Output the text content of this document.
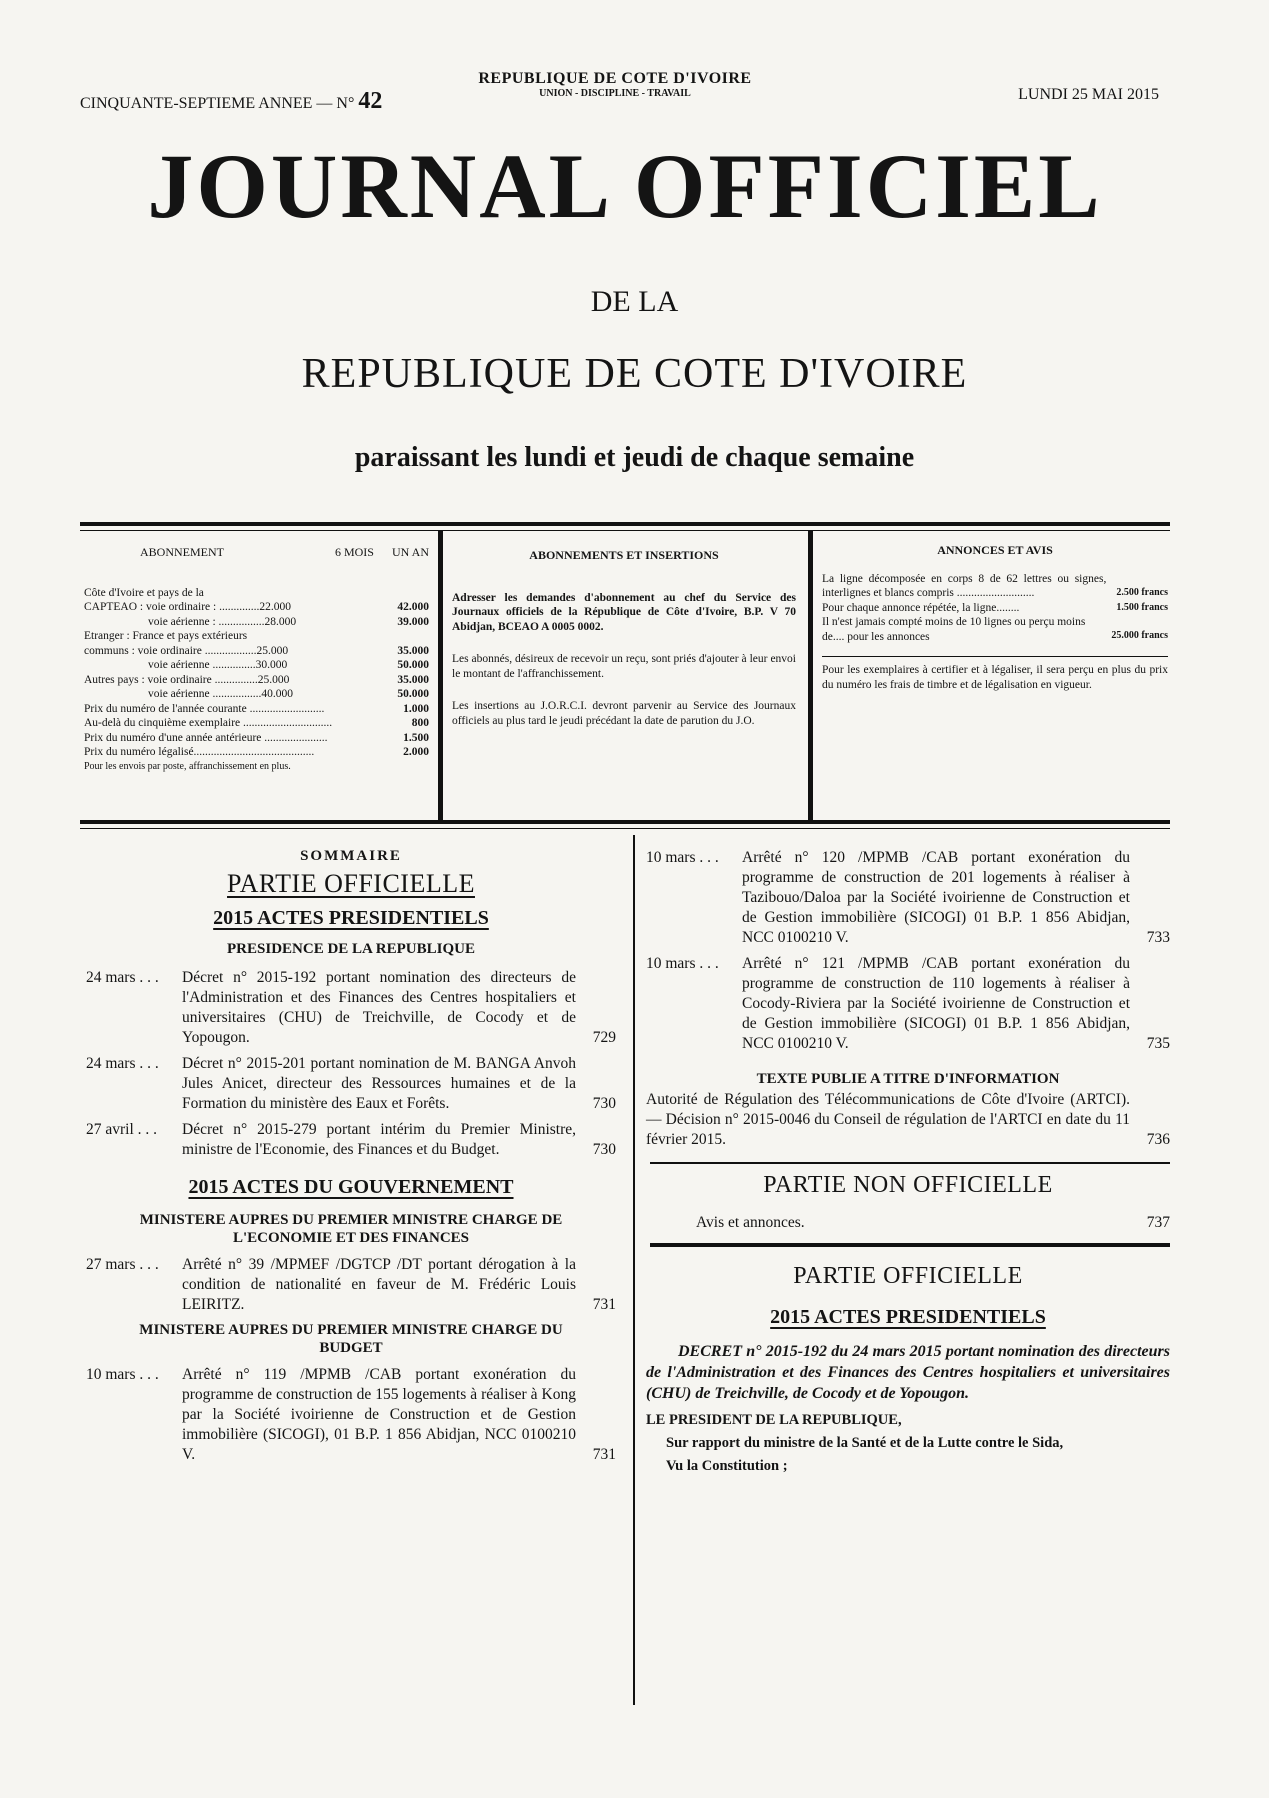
CINQUANTE-SEPTIEME ANNEE — N° 42
REPUBLIQUE DE COTE D'IVOIRE
UNION - DISCIPLINE - TRAVAIL	LUNDI 25 MAI 2015
JOURNAL OFFICIEL
DE LA
REPUBLIQUE DE COTE D'IVOIRE
paraissant les lundi et jeudi de chaque semaine
ABONNEMENT	6 MOIS UN AN
Côte d'Ivoire et pays de la
CAPTEAO : voie ordinaire : ..............22.000	42.000
voie aérienne : ................28.000	39.000
Etranger : France et pays extérieurs
communs : voie ordinaire ..................25.000	35.000
voie aérienne ...............30.000	50.000
Autres pays : voie ordinaire ...............25.000	35.000
voie aérienne .................40.000	50.000
Prix du numéro de l'année courante ..........................	1.000
Au-delà du cinquième exemplaire ...............................	800
Prix du numéro d'une année antérieure ......................	1.500
Prix du numéro légalisé..........................................	2.000
Pour les envois par poste, affranchissement en plus.
ABONNEMENTS ET INSERTIONS
Adresser les demandes d'abonnement au chef du Service des Journaux officiels de la République de Côte d'Ivoire, B.P. V 70 Abidjan, BCEAO A 0005 0002.
Les abonnés, désireux de recevoir un reçu, sont priés d'ajouter à leur envoi le montant de l'affranchissement.
Les insertions au J.O.R.C.I. devront parvenir au Service des Journaux officiels au plus tard le jeudi précédant la date de parution du J.O.
ANNONCES ET AVIS
La ligne décomposée en corps 8 de 62 lettres ou signes, interlignes et blancs compris ...........................	2.500 francs
Pour chaque annonce répétée, la ligne........	1.500 francs
Il n'est jamais compté moins de 10 lignes ou perçu moins de.... pour les annonces	25.000 francs
Pour les exemplaires à certifier et à légaliser, il sera perçu en plus du prix du numéro les frais de timbre et de légalisation en vigueur.
SOMMAIRE
PARTIE OFFICIELLE
2015 ACTES PRESIDENTIELS
PRESIDENCE DE LA REPUBLIQUE
24 mars . . .	Décret n° 2015-192 portant nomination des directeurs de l'Administration et des Finances des Centres hospitaliers et universitaires (CHU) de Treichville, de Cocody et de Yopougon.	729
24 mars . . .	Décret n° 2015-201 portant nomination de M. BANGA Anvoh Jules Anicet, directeur des Ressources humaines et de la Formation du ministère des Eaux et Forêts.	730
27 avril . . .	Décret n° 2015-279 portant intérim du Premier Ministre, ministre de l'Economie, des Finances et du Budget.	730
2015 ACTES DU GOUVERNEMENT
MINISTERE AUPRES DU PREMIER MINISTRE CHARGE DE L'ECONOMIE ET DES FINANCES
27 mars . . .	Arrêté n° 39 /MPMEF /DGTCP /DT portant dérogation à la condition de nationalité en faveur de M. Frédéric Louis LEIRITZ.	731
MINISTERE AUPRES DU PREMIER MINISTRE CHARGE DU BUDGET
10 mars . . .	Arrêté n° 119 /MPMB /CAB portant exonération du programme de construction de 155 logements à réaliser à Kong par la Société ivoirienne de Construction et de Gestion immobilière (SICOGI), 01 B.P. 1 856 Abidjan, NCC 0100210 V.	731
10 mars . . .	Arrêté n° 120 /MPMB /CAB portant exonération du programme de construction de 201 logements à réaliser à Tazibouo/Daloa par la Société ivoirienne de Construction et de Gestion immobilière (SICOGI) 01 B.P. 1 856 Abidjan, NCC 0100210 V.	733
10 mars . . .	Arrêté n° 121 /MPMB /CAB portant exonération du programme de construction de 110 logements à réaliser à Cocody-Riviera par la Société ivoirienne de Construction et de Gestion immobilière (SICOGI) 01 B.P. 1 856 Abidjan, NCC 0100210 V.	735
TEXTE PUBLIE A TITRE D'INFORMATION
Autorité de Régulation des Télécommunications de Côte d'Ivoire (ARTCI). — Décision n° 2015-0046 du Conseil de régulation de l'ARTCI en date du 11 février 2015.	736
PARTIE NON OFFICIELLE
Avis et annonces.	737
PARTIE OFFICIELLE
2015 ACTES PRESIDENTIELS
DECRET n° 2015-192 du 24 mars 2015 portant nomination des directeurs de l'Administration et des Finances des Centres hospitaliers et universitaires (CHU) de Treichville, de Cocody et de Yopougon.
LE PRESIDENT DE LA REPUBLIQUE,
Sur rapport du ministre de la Santé et de la Lutte contre le Sida,
Vu la Constitution ;
